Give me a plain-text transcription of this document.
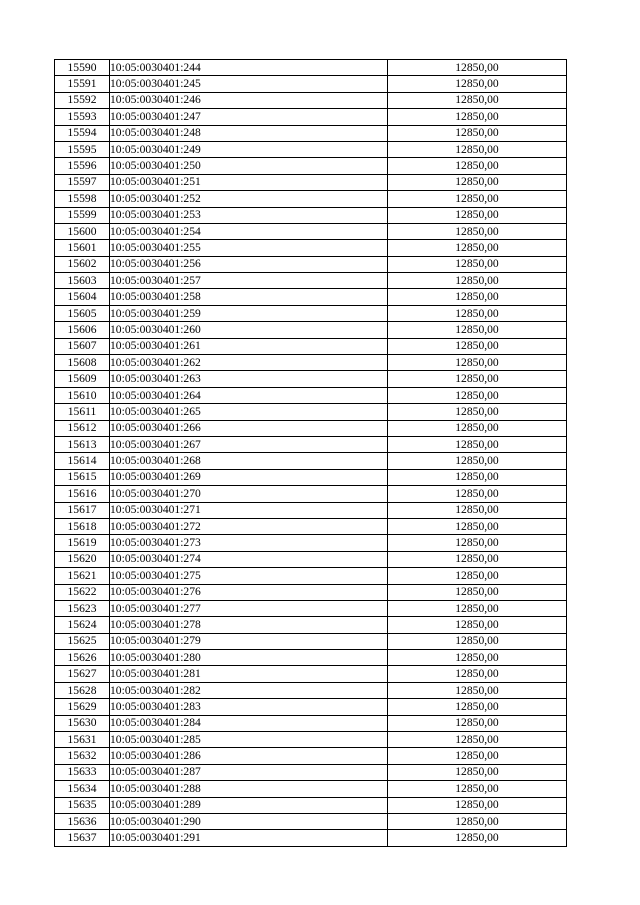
15590	10:05:0030401:244	12850,00
15591	10:05:0030401:245	12850,00
15592	10:05:0030401:246	12850,00
15593	10:05:0030401:247	12850,00
15594	10:05:0030401:248	12850,00
15595	10:05:0030401:249	12850,00
15596	10:05:0030401:250	12850,00
15597	10:05:0030401:251	12850,00
15598	10:05:0030401:252	12850,00
15599	10:05:0030401:253	12850,00
15600	10:05:0030401:254	12850,00
15601	10:05:0030401:255	12850,00
15602	10:05:0030401:256	12850,00
15603	10:05:0030401:257	12850,00
15604	10:05:0030401:258	12850,00
15605	10:05:0030401:259	12850,00
15606	10:05:0030401:260	12850,00
15607	10:05:0030401:261	12850,00
15608	10:05:0030401:262	12850,00
15609	10:05:0030401:263	12850,00
15610	10:05:0030401:264	12850,00
15611	10:05:0030401:265	12850,00
15612	10:05:0030401:266	12850,00
15613	10:05:0030401:267	12850,00
15614	10:05:0030401:268	12850,00
15615	10:05:0030401:269	12850,00
15616	10:05:0030401:270	12850,00
15617	10:05:0030401:271	12850,00
15618	10:05:0030401:272	12850,00
15619	10:05:0030401:273	12850,00
15620	10:05:0030401:274	12850,00
15621	10:05:0030401:275	12850,00
15622	10:05:0030401:276	12850,00
15623	10:05:0030401:277	12850,00
15624	10:05:0030401:278	12850,00
15625	10:05:0030401:279	12850,00
15626	10:05:0030401:280	12850,00
15627	10:05:0030401:281	12850,00
15628	10:05:0030401:282	12850,00
15629	10:05:0030401:283	12850,00
15630	10:05:0030401:284	12850,00
15631	10:05:0030401:285	12850,00
15632	10:05:0030401:286	12850,00
15633	10:05:0030401:287	12850,00
15634	10:05:0030401:288	12850,00
15635	10:05:0030401:289	12850,00
15636	10:05:0030401:290	12850,00
15637	10:05:0030401:291	12850,00
